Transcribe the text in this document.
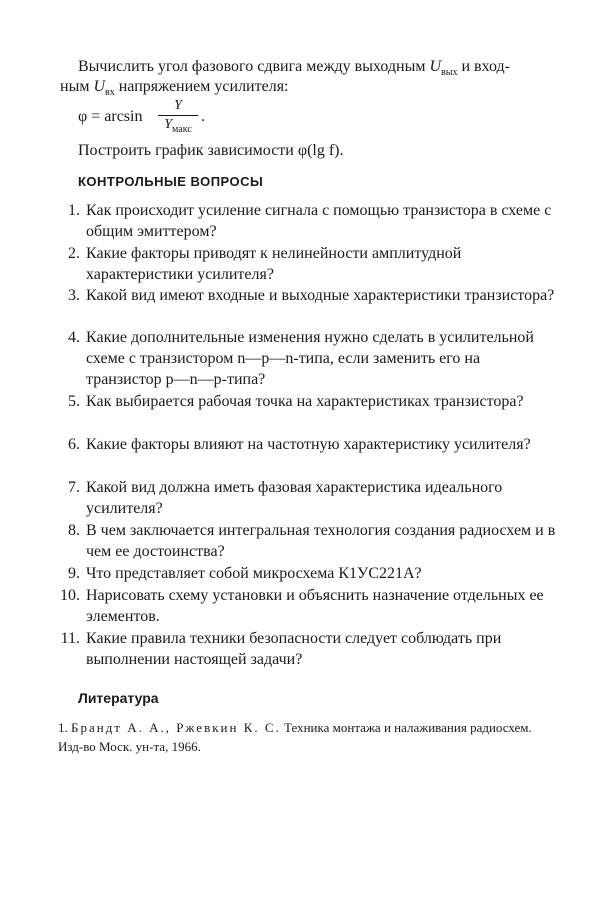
Вычислить угол фазового сдвига между выходным $U_{вых}$ и вход-
ным $U_{вх}$ напряжением усилителя:
φ = arcsin
Y
$Y_{макс}$
.
Построить график зависимости φ(lg f).
КОНТРОЛЬНЫЕ ВОПРОСЫ
1. Как происходит усиление сигнала с помощью транзистора в схеме с общим эмиттером?
2. Какие факторы приводят к нелинейности амплитудной характеристики усилителя?
3. Какой вид имеют входные и выходные характеристики транзистора?
4. Какие дополнительные изменения нужно сделать в усилительной схеме с транзистором n—p—n-типа, если заменить его на транзистор p—n—p-типа?
5. Как выбирается рабочая точка на характеристиках транзистора?
6. Какие факторы влияют на частотную характеристику усилителя?
7. Какой вид должна иметь фазовая характеристика идеального усилителя?
8. В чем заключается интегральная технология создания радиосхем и в чем ее достоинства?
9. Что представляет собой микросхема К1УС221А?
10. Нарисовать схему установки и объяснить назначение отдельных ее элементов.
11. Какие правила техники безопасности следует соблюдать при выполнении настоящей задачи?
Литература
1. Брандт А. А., Ржевкин К. С. Техника монтажа и налаживания радиосхем. Изд-во Моск. ун-та, 1966.
